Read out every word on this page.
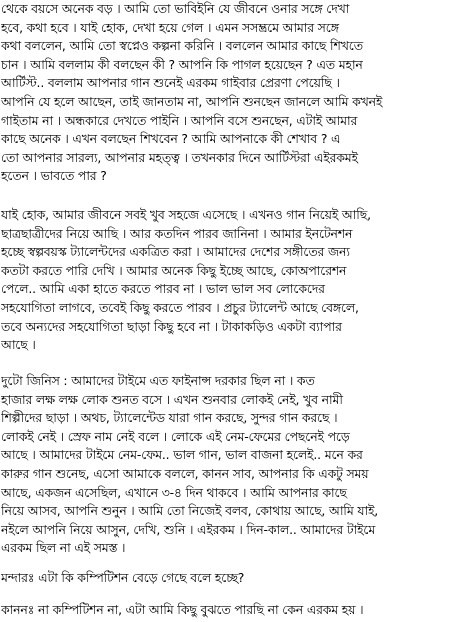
থেকে বয়সে অনেক বড় । আমি তো ভাবিইনি যে জীবনে ওনার সঙ্গে দেখা
হবে, কথা হবে । যাই হোক, দেখা হয়ে গেল । এমন সসম্ভ্রমে আমার সঙ্গে
কথা বললেন, আমি তো স্বপ্নেও কল্পনা করিনি । বললেন আমার কাছে শিখতে
চান । আমি বললাম কী বলছেন কী ? আপনি কি পাগল হয়েছেন ? এত মহান
আর্টিস্ট.. বললাম আপনার গান শুনেই এরকম গাইবার প্রেরণা পেয়েছি ।
আপনি যে হলে আছেন, তাই জানতাম না, আপনি শুনছেন জানলে আমি কখনই
গাইতাম না । অন্ধকারে দেখতে পাইনি । আপনি বসে শুনছেন, এটাই আমার
কাছে অনেক । এখন বলছেন শিখবেন ? আমি আপনাকে কী শেখাব ? এ
তো আপনার সারল্য, আপনার মহত্ত্ব । তখনকার দিনে আর্টিস্টরা এইরকমই
হতেন । ভাবতে পার ?
যাই হোক, আমার জীবনে সবই খুব সহজে এসেছে । এখনও গান নিয়েই আছি,
ছাত্রছাত্রীদের নিয়ে আছি । আর কতদিন পারব জানিনা । আমার ইনটেনশন
হচ্ছে স্বল্পবয়স্ক ট্যালেন্টদের একত্রিত করা । আমাদের দেশের সঙ্গীতের জন্য
কতটা করতে পারি দেখি । আমার অনেক কিছু ইচ্ছে আছে, কোঅপারেশন
পেলে.. আমি একা হাতে করতে পারব না । ভাল ভাল সব লোকেদের
সহযোগিতা লাগবে, তবেই কিছু করতে পারব । প্রচুর ট্যালেন্ট আছে বেঙ্গলে,
তবে অন্যদের সহযোগিতা ছাড়া কিছু হবে না । টাকাকড়িও একটা ব্যাপার
আছে ।
দুটো জিনিস : আমাদের টাইমে এত ফাইনান্স দরকার ছিল না । কত
হাজার লক্ষ লক্ষ লোক শুনত বসে । এখন শুনবার লোকই নেই, খুব নামী
শিল্পীদের ছাড়া । অথচ, ট্যালেন্টেড যারা গান করছে, সুন্দর গান করছে ।
লোকই নেই । স্রেফ নাম নেই বলে । লোকে এই নেম-ফেমের পেছনেই পড়ে
আছে । আমাদের টাইমে নেম-ফেম.. ভাল গান, ভাল বাজনা হলেই.. মনে কর
কারুর গান শুনেছ, এসো আমাকে বললে, কানন সাব, আপনার কি একটু সময়
আছে, একজন এসেছিল, এখানে ৩-৪ দিন থাকবে । আমি আপনার কাছে
নিয়ে আসব, আপনি শুনুন । আমি তো নিজেই বলব, কোথায় আছে, আমি যাই,
নইলে আপনি নিয়ে আসুন, দেখি, শুনি । এইরকম । দিন-কাল.. আমাদের টাইমে
এরকম ছিল না এই সমস্ত ।
মন্দারঃ এটা কি কম্পিটিশন বেড়ে গেছে বলে হচ্ছে?
কাননঃ না কম্পিটিশন না, এটা আমি কিছু বুঝতে পারছি না কেন এরকম হয় ।
